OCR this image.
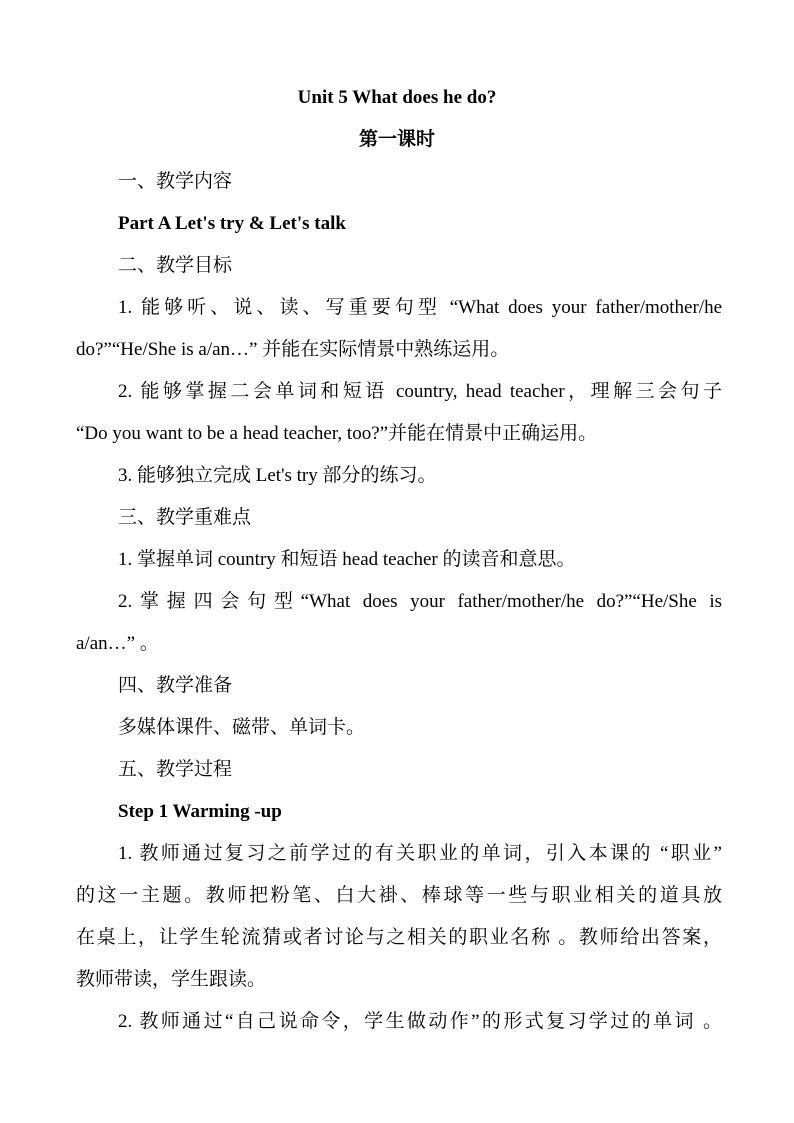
Unit 5 What does he do?
第一课时
一、教学内容
Part A Let's try & Let's talk
二、教学目标
1. 能够听、说、读、写重要句型 “What does your father/mother/he
do?”“He/She is a/an…” 并能在实际情景中熟练运用。
2. 能够掌握二会单词和短语 country, head teacher，理解三会句子
“Do you want to be a head teacher, too?”并能在情景中正确运用。
3. 能够独立完成 Let's try 部分的练习。
三、教学重难点
1. 掌握单词 country 和短语 head teacher 的读音和意思。
2.掌握四会句型“What does your father/mother/he do?”“He/She is
a/an…” 。
四、教学准备
多媒体课件、磁带、单词卡。
五、教学过程
Step 1 Warming -up
1. 教师通过复习之前学过的有关职业的单词，引入本课的 “职业”
的这一主题。教师把粉笔、白大褂、棒球等一些与职业相关的道具放
在桌上，让学生轮流猜或者讨论与之相关的职业名称 。教师给出答案，
教师带读，学生跟读。
2. 教师通过“自己说命令，学生做动作”的形式复习学过的单词 。
